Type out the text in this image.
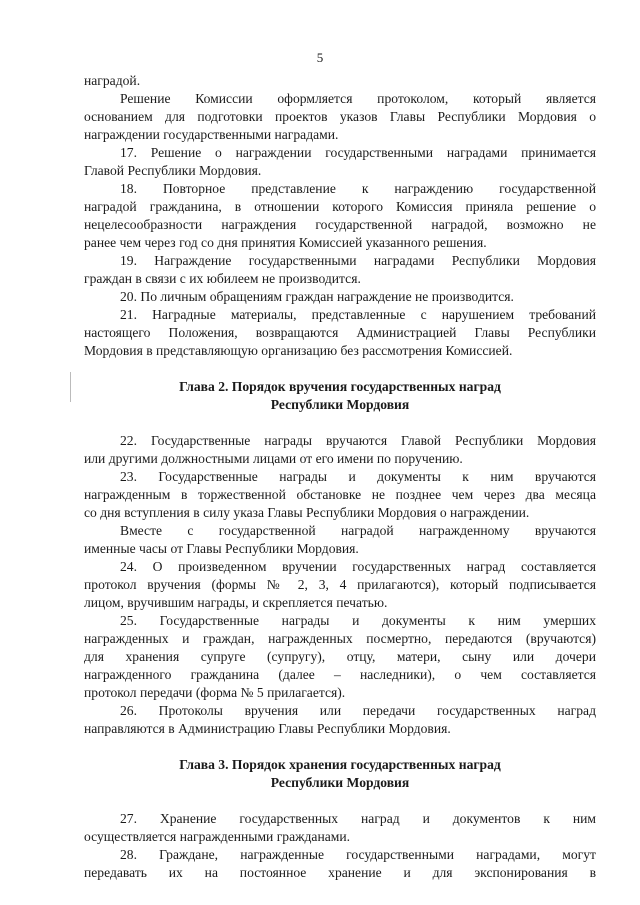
5
наградой.
Решение Комиссии оформляется протоколом, который является
основанием для подготовки проектов указов Главы Республики Мордовия о
награждении государственными наградами.
17. Решение о награждении государственными наградами принимается
Главой Республики Мордовия.
18. Повторное представление к награждению государственной
наградой гражданина, в отношении которого Комиссия приняла решение о
нецелесообразности награждения государственной наградой, возможно не
ранее чем через год со дня принятия Комиссией указанного решения.
19. Награждение государственными наградами Республики Мордовия
граждан в связи с их юбилеем не производится.
20. По личным обращениям граждан награждение не производится.
21. Наградные материалы, представленные с нарушением требований
настоящего Положения, возвращаются Администрацией Главы Республики
Мордовия в представляющую организацию без рассмотрения Комиссией.
Глава 2. Порядок вручения государственных наград
Республики Мордовия
22. Государственные награды вручаются Главой Республики Мордовия
или другими должностными лицами от его имени по поручению.
23. Государственные награды и документы к ним вручаются
награжденным в торжественной обстановке не позднее чем через два месяца
со дня вступления в силу указа Главы Республики Мордовия о награждении.
Вместе с государственной наградой награжденному вручаются
именные часы от Главы Республики Мордовия.
24. О произведенном вручении государственных наград составляется
протокол вручения (формы № 2, 3, 4 прилагаются), который подписывается
лицом, вручившим награды, и скрепляется печатью.
25. Государственные награды и документы к ним умерших
награжденных и граждан, награжденных посмертно, передаются (вручаются)
для хранения супруге (супругу), отцу, матери, сыну или дочери
награжденного гражданина (далее – наследники), о чем составляется
протокол передачи (форма № 5 прилагается).
26. Протоколы вручения или передачи государственных наград
направляются в Администрацию Главы Республики Мордовия.
Глава 3. Порядок хранения государственных наград
Республики Мордовия
27. Хранение государственных наград и документов к ним
осуществляется награжденными гражданами.
28. Граждане, награжденные государственными наградами, могут
передавать их на постоянное хранение и для экспонирования в
